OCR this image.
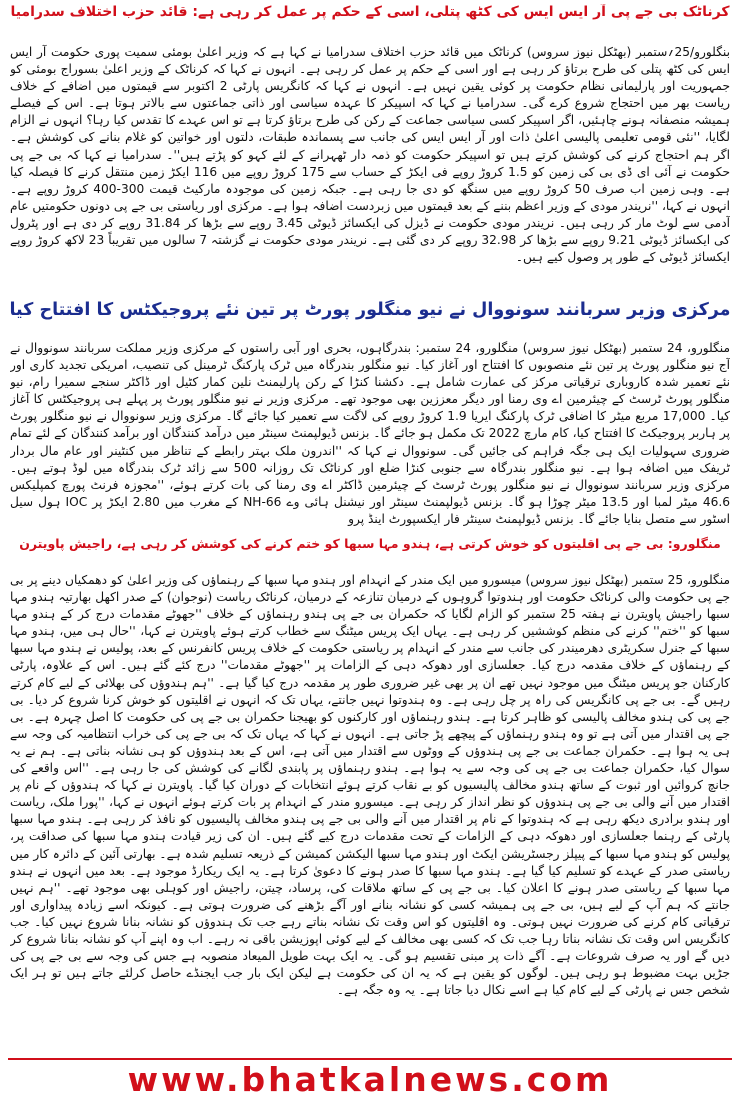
کرناٹک بی جے پی آر ایس ایس کی کٹھ پتلی، اسی کے حکم پر عمل کر رہی ہے: قائد حزب اختلاف سدرامیا
بنگلورو/25؍ستمبر (بھٹکل نیوز سروس) کرناٹک میں قائد حزب اختلاف سدرامیا نے کہا ہے کہ وزیر اعلیٰ بومئی سمیت پوری حکومت آر ایس ایس کی کٹھ پتلی کی طرح برتاؤ کر رہی ہے اور اسی کے حکم پر عمل کر رہی ہے۔ انہوں نے کہا کہ کرناٹک کے وزیر اعلیٰ بسوراج بومئی کو جمہوریت اور پارلیمانی نظام حکومت پر کوئی یقین نہیں ہے۔ انہوں نے کہا کہ کانگریس پارٹی 2 اکتوبر سے قیمتوں میں اضافے کے خلاف ریاست بھر میں احتجاج شروع کرے گی۔ سدرامیا نے کہا کہ اسپیکر کا عہدہ سیاسی اور ذاتی جماعتوں سے بالاتر ہوتا ہے۔ اس کے فیصلے ہمیشہ منصفانہ ہونے چاہئیں، اگر اسپیکر کسی سیاسی جماعت کے رکن کی طرح برتاؤ کرتا ہے تو اس عہدے کا تقدس کیا رہا؟ انہوں نے الزام لگایا، ''نئی قومی تعلیمی پالیسی اعلیٰ ذات اور آر ایس ایس کی جانب سے پسماندہ طبقات، دلتوں اور خواتین کو غلام بنانے کی کوشش ہے۔ اگر ہم احتجاج کرنے کی کوشش کرتے ہیں تو اسپیکر حکومت کو ذمہ دار ٹھہرانے کے لئے کہو کو پڑتے ہیں''۔ سدرامیا نے کہا کہ بی جے پی حکومت نے آئی ای ڈی بی کی زمین کو 1.5 کروڑ روپے فی ایکڑ کے حساب سے 175 کروڑ روپے میں 116 ایکڑ زمین منتقل کرنے کا فیصلہ کیا ہے۔ وہی زمین اب صرف 50 کروڑ روپے میں سنگھ کو دی جا رہی ہے۔ جبکہ زمین کی موجودہ مارکیٹ قیمت 300-400 کروڑ روپے ہے۔ انہوں نے کہا، ''نریندر مودی کے وزیر اعظم بننے کے بعد قیمتوں میں زبردست اضافہ ہوا ہے۔ مرکزی اور ریاستی بی جے پی دونوں حکومتیں عام آدمی سے لوٹ مار کر رہی ہیں۔ نریندر مودی حکومت نے ڈیزل کی ایکسائز ڈیوٹی 3.45 روپے سے بڑھا کر 31.84 روپے کر دی ہے اور پٹرول کی ایکسائز ڈیوٹی 9.21 روپے سے بڑھا کر 32.98 روپے کر دی گئی ہے۔ نریندر مودی حکومت نے گزشتہ 7 سالوں میں تقریباً 23 لاکھ کروڑ روپے ایکسائز ڈیوٹی کے طور پر وصول کیے ہیں۔
مرکزی وزیر سربانند سونووال نے نیو منگلور پورٹ پر تین نئے پروجیکٹس کا افتتاح کیا
منگلورو، 24 ستمبر (بھٹکل نیوز سروس) منگلورو، 24 ستمبر: بندرگاہوں، بحری اور آبی راستوں کے مرکزی وزیر مملکت سربانند سونووال نے آج نیو منگلور پورٹ پر تین نئے منصوبوں کا افتتاح اور آغاز کیا۔ نیو منگلور بندرگاہ میں ٹرک پارکنگ ٹرمینل کی تنصیب، امریکی تجدید کاری اور نئے تعمیر شدہ کاروباری ترقیاتی مرکز کی عمارت شامل ہے۔ دکشنا کنڑا کے رکن پارلیمنٹ نلین کمار کٹیل اور ڈاکٹر سنجے سمیرا رام، نیو منگلور پورٹ ٹرسٹ کے چیئرمین اے وی رمنا اور دیگر معززین بھی موجود تھے۔ مرکزی وزیر نے نیو منگلور پورٹ پر پہلے ہی پروجیکٹس کا آغاز کیا۔ 17,000 مربع میٹر کا اضافی ٹرک پارکنگ ایریا 1.9 کروڑ روپے کی لاگت سے تعمیر کیا جائے گا۔ مرکزی وزیر سونووال نے نیو منگلور پورٹ پر ہاربر پروجیکٹ کا افتتاح کیا، کام مارچ 2022 تک مکمل ہو جائے گا۔ بزنس ڈیولپمنٹ سینٹر میں درآمد کنندگان اور برآمد کنندگان کے لئے تمام ضروری سہولیات ایک ہی جگہ فراہم کی جائیں گی۔ سونووال نے کہا کہ ''اندرون ملک بہتر رابطے کے تناظر میں کنٹینر اور عام مال بردار ٹریفک میں اضافہ ہوا ہے۔ نیو منگلور بندرگاہ سے جنوبی کنڑا ضلع اور کرناٹک تک روزانہ 500 سے زائد ٹرک بندرگاہ میں لوڈ ہوتے ہیں۔ مرکزی وزیر سربانند سونووال نے نیو منگلور پورٹ ٹرسٹ کے چیئرمین ڈاکٹر اے وی رمنا کی بات کرتے ہوئے، ''مجوزہ فرنٹ پورچ کمپلیکس 46.6 میٹر لمبا اور 13.5 میٹر چوڑا ہو گا۔ بزنس ڈیولپمنٹ سینٹر اور نیشنل ہائی وے NH-66 کے مغرب میں 2.80 ایکڑ پر IOC ہول سیل اسٹور سے متصل بنایا جائے گا۔ بزنس ڈیولپمنٹ سینٹر فار ایکسپورٹ اینڈ پرو
منگلورو: بی جے پی اقلیتوں کو خوش کرتی ہے، ہندو مہا سبھا کو ختم کرنے کی کوشش کر رہی ہے، راجیش پاویترن
منگلورو، 25 ستمبر (بھٹکل نیوز سروس) میسورو میں ایک مندر کے انہدام اور ہندو مہا سبھا کے رہنماؤں کی وزیر اعلیٰ کو دھمکیاں دینے پر بی جے پی حکومت والی کرناٹک حکومت اور ہندوتوا گروہوں کے درمیان تنازعہ کے درمیان، کرناٹک ریاست (نوجوان) کے صدر اکھل بھارتیہ ہندو مہا سبھا راجیش پاویترن نے ہفتہ 25 ستمبر کو الزام لگایا کہ حکمران بی جے پی ہندو رہنماؤں کے خلاف ''جھوٹے مقدمات درج کر کے ہندو مہا سبھا کو ''ختم'' کرنے کی منظم کوششیں کر رہی ہے۔ یہاں ایک پریس میٹنگ سے خطاب کرتے ہوئے پاویترن نے کہا، ''حال ہی میں، ہندو مہا سبھا کے جنرل سکریٹری دھرمیندر کی جانب سے مندر کے انہدام پر ریاستی حکومت کے خلاف پریس کانفرنس کے بعد، پولیس نے ہندو مہا سبھا کے رہنماؤں کے خلاف مقدمہ درج کیا۔ جعلسازی اور دھوکہ دہی کے الزامات پر ''جھوٹے مقدمات'' درج کئے گئے ہیں۔ اس کے علاوہ، پارٹی کارکنان جو پریس میٹنگ میں موجود نہیں تھے ان پر بھی غیر ضروری طور پر مقدمہ درج کیا گیا ہے۔ ''ہم ہندوؤں کی بھلائی کے لیے کام کرتے رہیں گے۔ بی جے پی کانگریس کی راہ پر چل رہی ہے۔ وہ ہندوتوا نہیں جانتے، یہاں تک کہ انہوں نے اقلیتوں کو خوش کرنا شروع کر دیا۔ بی جے پی کی ہندو مخالف پالیسی کو ظاہر کرتا ہے۔ ہندو رہنماؤں اور کارکنوں کو بھیجنا حکمران بی جے پی کی حکومت کا اصل چہرہ ہے۔ بی جے پی اقتدار میں آتی ہے تو وہ ہندو رہنماؤں کے پیچھے پڑ جاتی ہے۔ انہوں نے کہا کہ یہاں تک کہ بی جے پی کی خراب انتظامیہ کی وجہ سے ہی یہ ہوا ہے۔ حکمران جماعت بی جے پی ہندوؤں کے ووٹوں سے اقتدار میں آتی ہے، اس کے بعد ہندوؤں کو ہی نشانہ بناتی ہے۔ ہم نے یہ سوال کیا، حکمران جماعت بی جے پی کی وجہ سے یہ ہوا ہے۔ ہندو رہنماؤں پر پابندی لگانے کی کوشش کی جا رہی ہے۔ ''اس واقعے کی جانچ کروائیں اور ثبوت کے ساتھ ہندو مخالف پالیسیوں کو بے نقاب کرتے ہوئے انتخابات کے دوران کیا گیا۔ پاویترن نے کہا کہ ہندوؤں کے نام پر اقتدار میں آنے والی بی جے پی ہندوؤں کو نظر انداز کر رہی ہے۔ میسورو مندر کے انہدام پر بات کرتے ہوئے انہوں نے کہا، ''پورا ملک، ریاست اور ہندو برادری دیکھ رہی ہے کہ ہندوتوا کے نام پر اقتدار میں آنے والی بی جے پی ہندو مخالف پالیسیوں کو نافذ کر رہی ہے۔ ہندو مہا سبھا پارٹی کے رہنما جعلسازی اور دھوکہ دہی کے الزامات کے تحت مقدمات درج کیے گئے ہیں۔ ان کی زیر قیادت ہندو مہا سبھا کی صداقت پر، پولیس کو ہندو مہا سبھا کے پیپلز رجسٹریشن ایکٹ اور ہندو مہا سبھا الیکشن کمیشن کے ذریعہ تسلیم شدہ ہے۔ بھارتی آئین کے دائرہ کار میں ریاستی صدر کے عہدے کو تسلیم کیا گیا ہے۔ ہندو مہا سبھا کا صدر ہونے کا دعویٰ کرتا ہے۔ یہ ایک ریکارڈ موجود ہے۔ بعد میں انہوں نے ہندو مہا سبھا کے ریاستی صدر ہونے کا اعلان کیا۔ بی جے پی کے ساتھ ملاقات کی، پرساد، چیتن، راجیش اور کوہلی بھی موجود تھے۔ ''ہم نہیں جانتے کہ ہم آپ کے لیے ہیں، بی جے پی ہمیشہ کسی کو نشانہ بنانے اور آگے بڑھنے کی ضرورت ہوتی ہے۔ کیونکہ اسے زیادہ پیداواری اور ترقیاتی کام کرنے کی ضرورت نہیں ہوتی۔ وہ اقلیتوں کو اس وقت تک نشانہ بناتے رہے جب تک ہندوؤں کو نشانہ بنانا شروع نہیں کیا۔ جب کانگریس اس وقت تک نشانہ بناتا رہا جب تک کہ کسی بھی مخالف کے لیے کوئی اپوزیشن باقی نہ رہے۔ اب وہ اپنے آپ کو نشانہ بنانا شروع کر دیں گے اور یہ صرف شروعات ہے۔ آگے ذات پر مبنی تقسیم ہو گی۔ یہ ایک بہت طویل المیعاد منصوبہ ہے جس کی وجہ سے بی جے پی کی جڑیں بہت مضبوط ہو رہی ہیں۔ لوگوں کو یقین ہے کہ یہ ان کی حکومت ہے لیکن ایک بار جب ایجنڈے حاصل کرلئے جاتے ہیں تو ہر ایک شخص جس نے پارٹی کے لیے کام کیا ہے اسے نکال دیا جاتا ہے۔ یہ وہ جگہ ہے۔
www.bhatkalnews.com
